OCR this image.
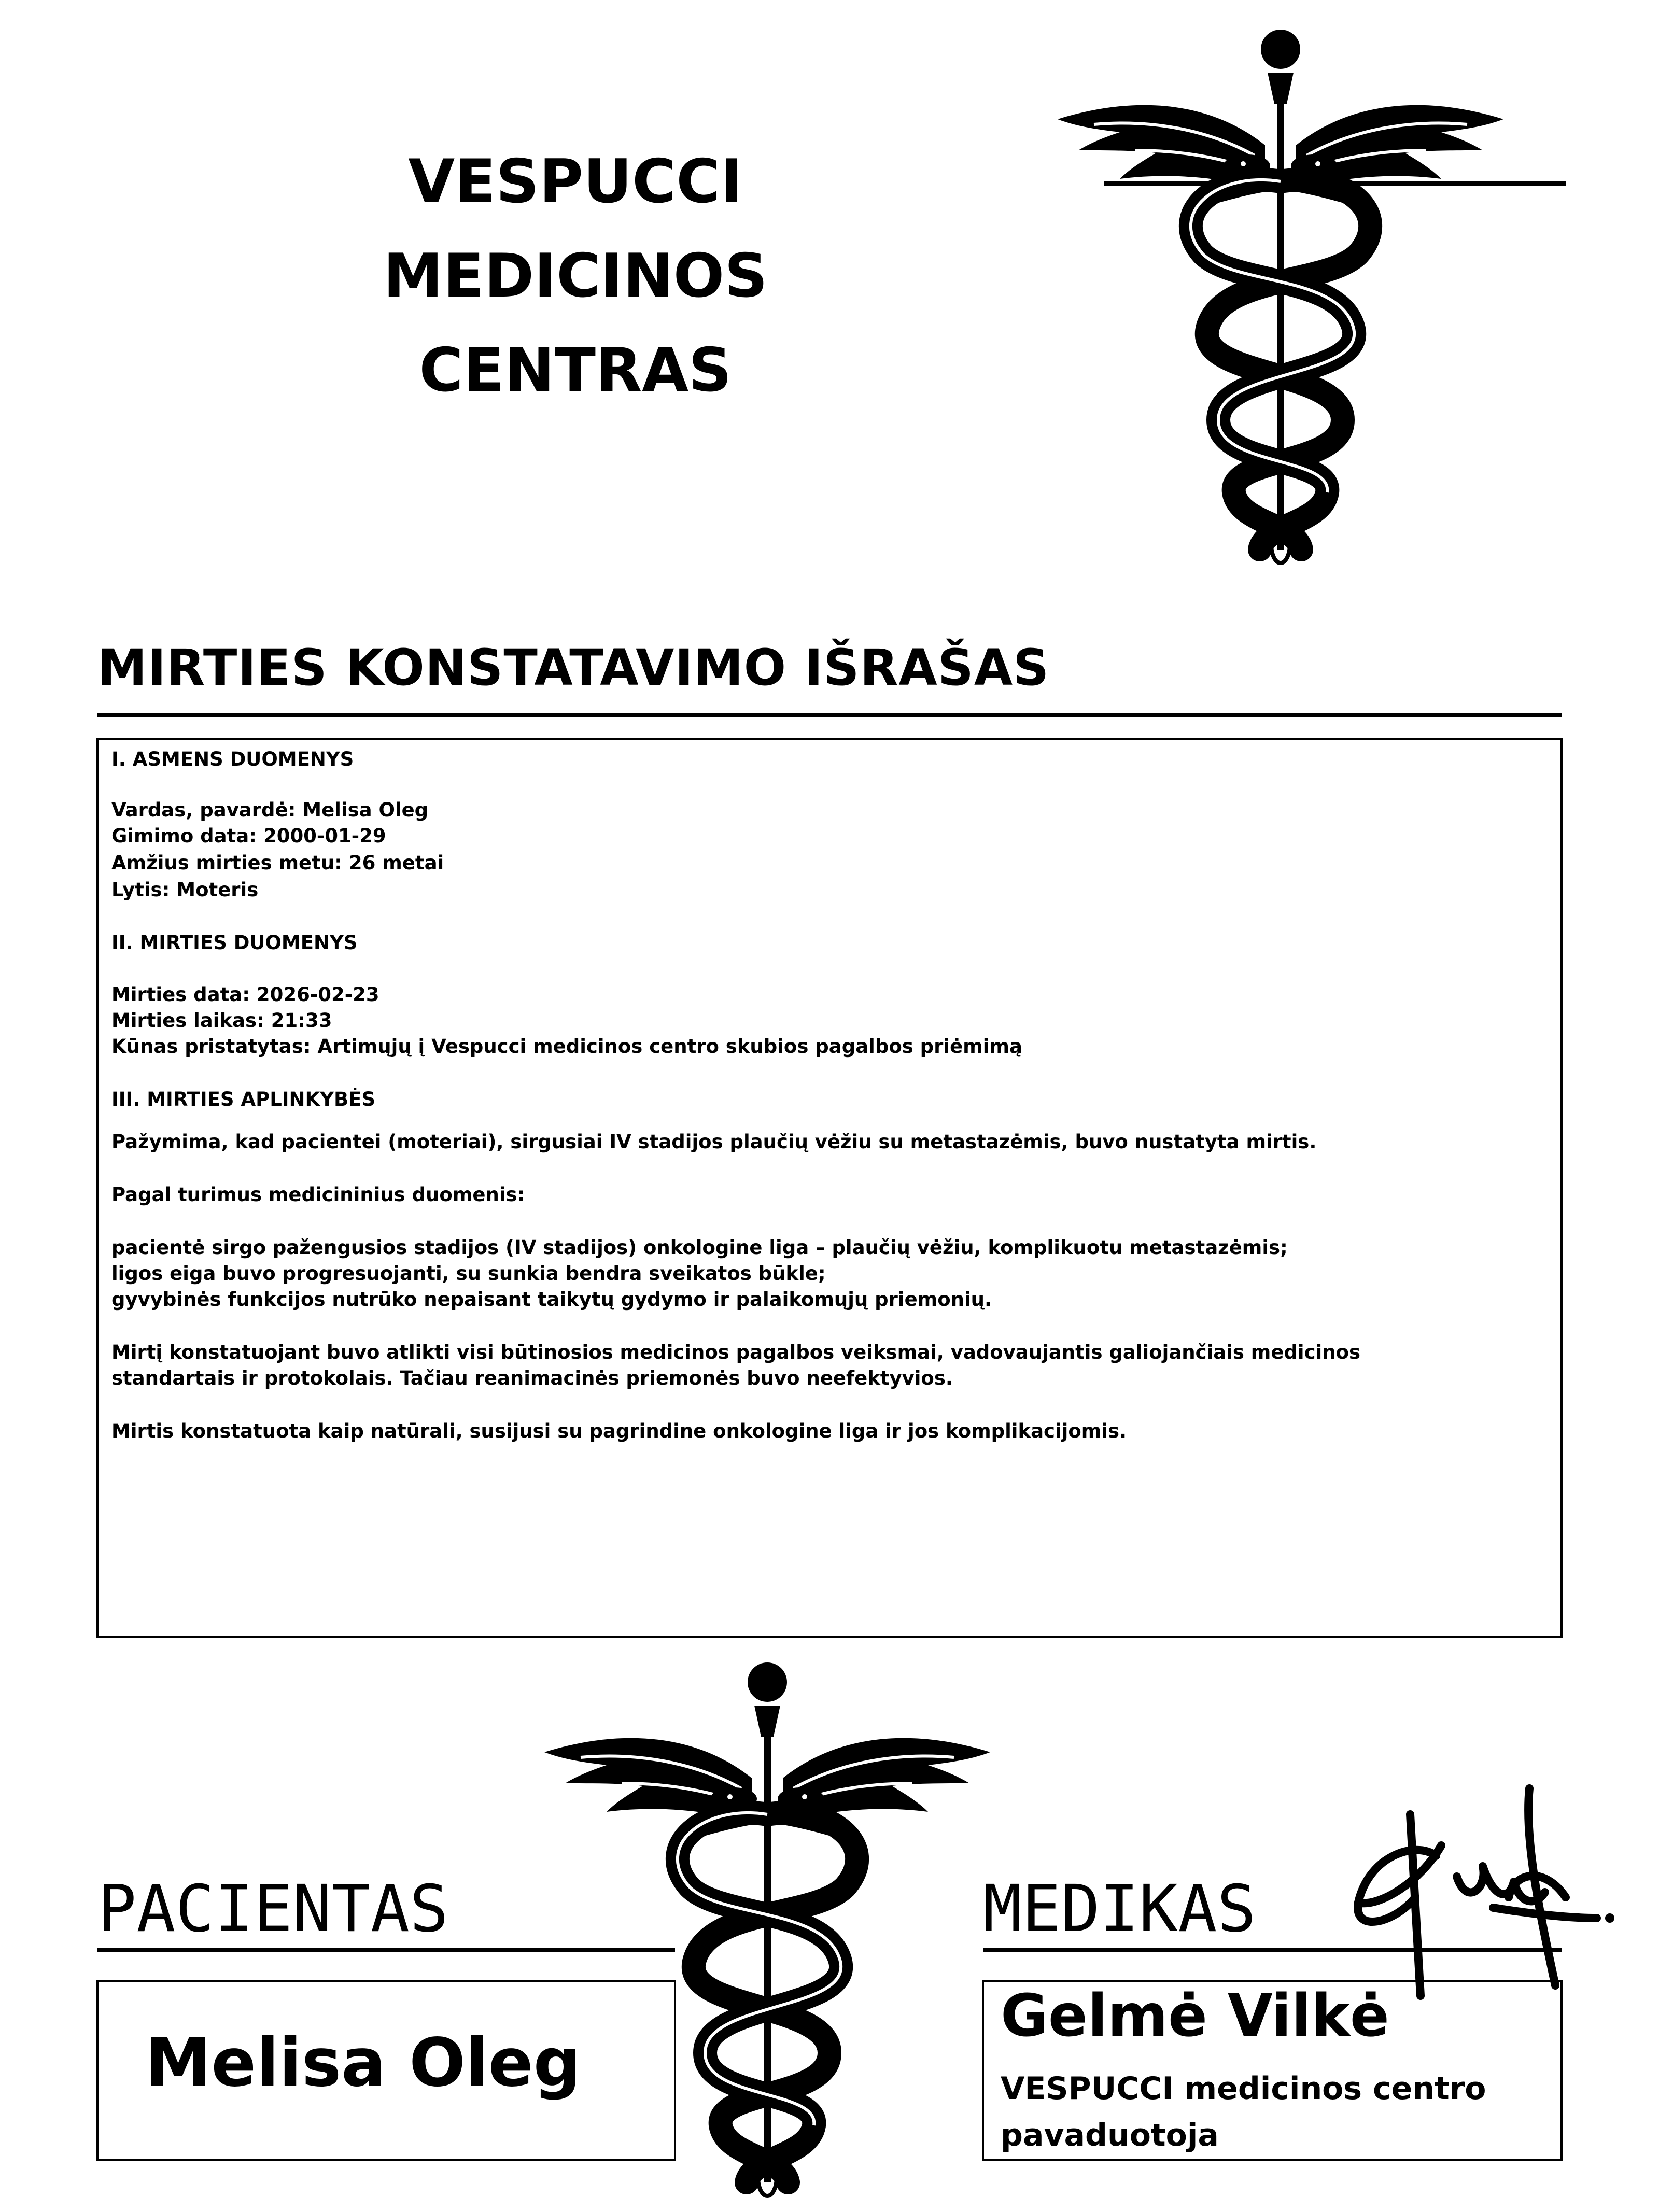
VESPUCCI
MEDICINOS
CENTRAS
MIRTIES KONSTATAVIMO IŠRAŠAS
I. ASMENS DUOMENYS
Vardas, pavardė: Melisa Oleg
Gimimo data: 2000-01-29
Amžius mirties metu: 26 metai
Lytis: Moteris
II. MIRTIES DUOMENYS
Mirties data: 2026-02-23
Mirties laikas: 21:33
Kūnas pristatytas: Artimųjų į Vespucci medicinos centro skubios pagalbos priėmimą
III. MIRTIES APLINKYBĖS
Pažymima, kad pacientei (moteriai), sirgusiai IV stadijos plaučių vėžiu su metastazėmis, buvo nustatyta mirtis.
Pagal turimus medicininius duomenis:
pacientė sirgo pažengusios stadijos (IV stadijos) onkologine liga – plaučių vėžiu, komplikuotu metastazėmis;
ligos eiga buvo progresuojanti, su sunkia bendra sveikatos būkle;
gyvybinės funkcijos nutrūko nepaisant taikytų gydymo ir palaikomųjų priemonių.
Mirtį konstatuojant buvo atlikti visi būtinosios medicinos pagalbos veiksmai, vadovaujantis galiojančiais medicinos
standartais ir protokolais. Tačiau reanimacinės priemonės buvo neefektyvios.
Mirtis konstatuota kaip natūrali, susijusi su pagrindine onkologine liga ir jos komplikacijomis.
PACIENTAS
Melisa Oleg
MEDIKAS
Gelmė Vilkė
VESPUCCI medicinos centro
pavaduotoja
